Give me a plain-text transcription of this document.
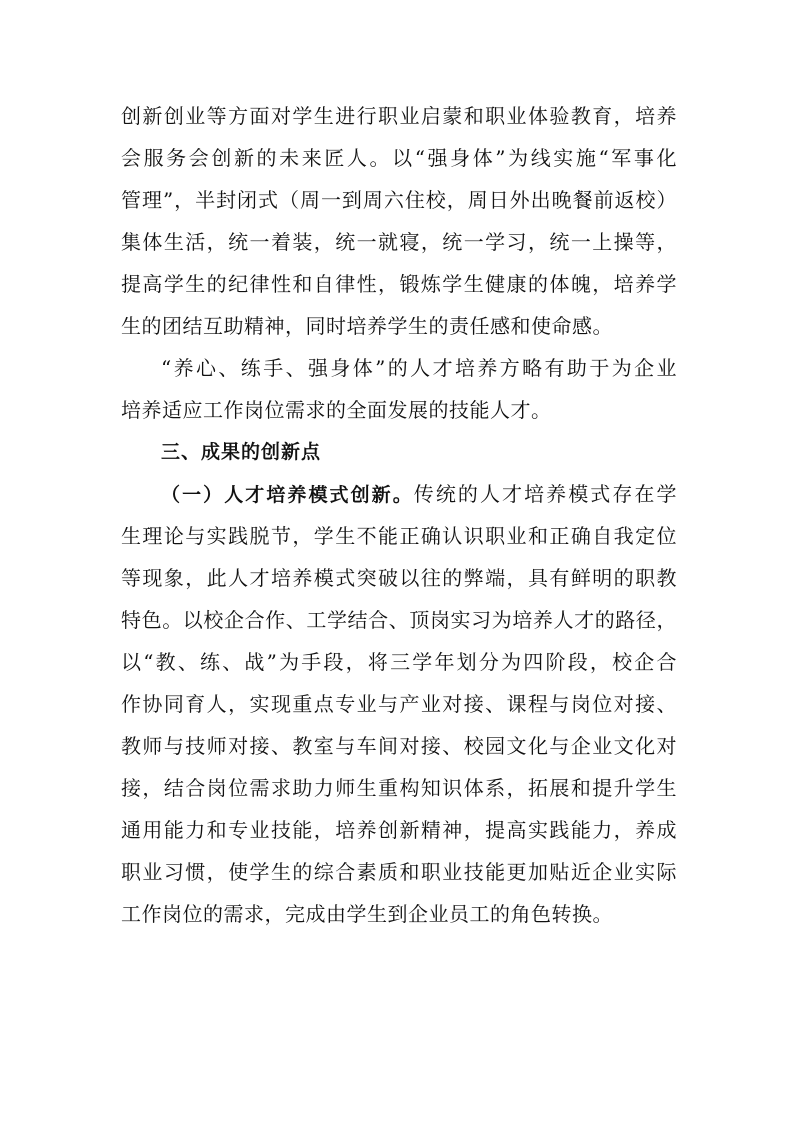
创新创业等方面对学生进行职业启蒙和职业体验教育，培养
会服务会创新的未来匠人。以“强身体”为线实施“军事化
管理”，半封闭式（周一到周六住校，周日外出晚餐前返校）
集体生活，统一着装，统一就寝，统一学习，统一上操等，
提高学生的纪律性和自律性，锻炼学生健康的体魄，培养学
生的团结互助精神，同时培养学生的责任感和使命感。
“养心、练手、强身体”的人才培养方略有助于为企业
培养适应工作岗位需求的全面发展的技能人才。
三、成果的创新点
（一）人才培养模式创新。传统的人才培养模式存在学
生理论与实践脱节，学生不能正确认识职业和正确自我定位
等现象，此人才培养模式突破以往的弊端，具有鲜明的职教
特色。以校企合作、工学结合、顶岗实习为培养人才的路径，
以“教、练、战”为手段，将三学年划分为四阶段，校企合
作协同育人，实现重点专业与产业对接、课程与岗位对接、
教师与技师对接、教室与车间对接、校园文化与企业文化对
接，结合岗位需求助力师生重构知识体系，拓展和提升学生
通用能力和专业技能，培养创新精神，提高实践能力，养成
职业习惯，使学生的综合素质和职业技能更加贴近企业实际
工作岗位的需求，完成由学生到企业员工的角色转换。
